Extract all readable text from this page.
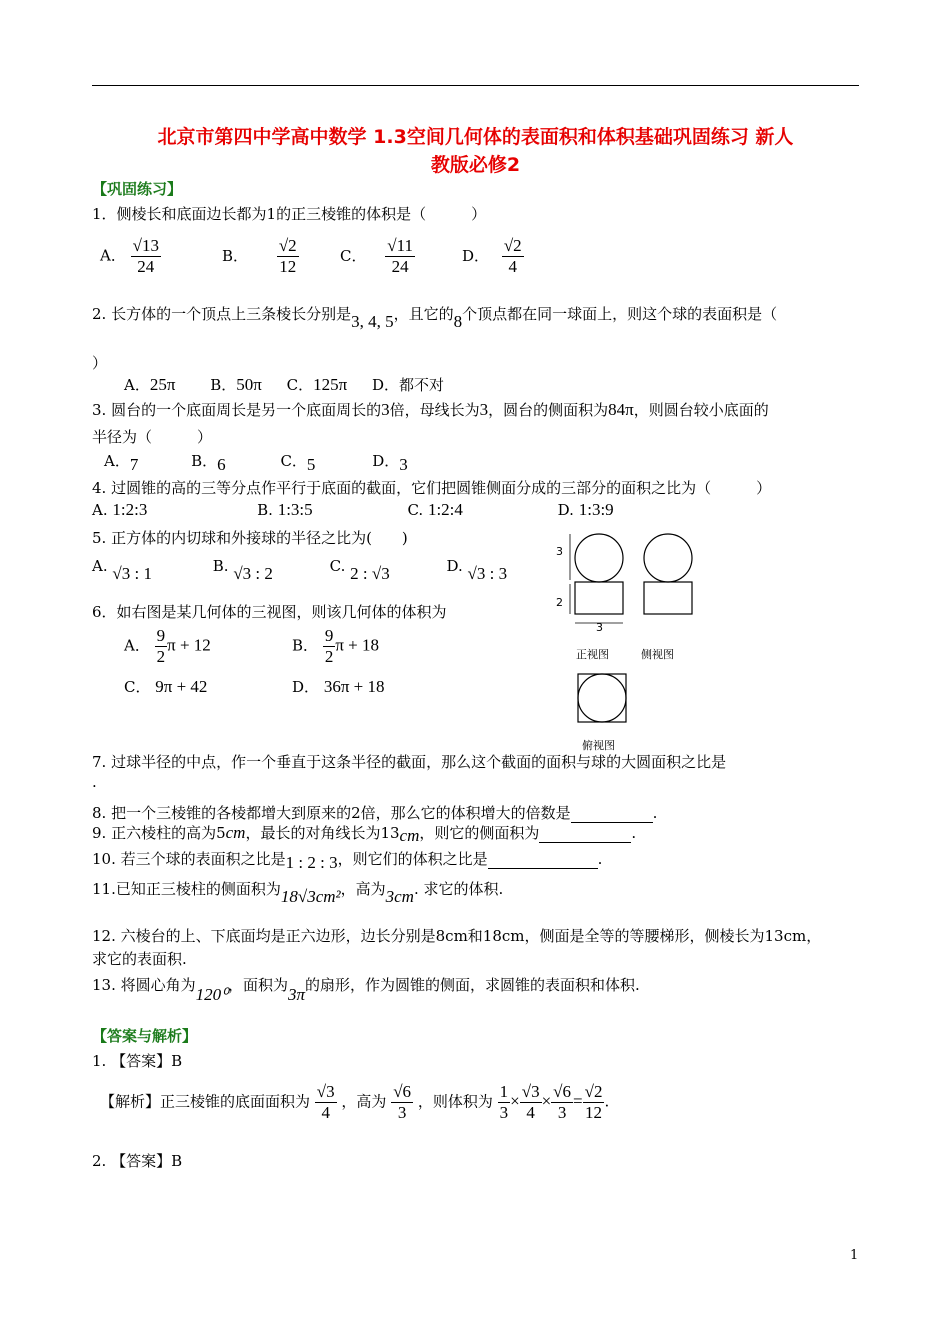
北京市第四中学高中数学 1.3空间几何体的表面积和体积基础巩固练习 新人
教版必修2
【巩固练习】
1．侧棱长和底面边长都为1的正三棱锥的体积是（　　　）
A． $\frac{√13}{24}$	B． $\frac{√2}{12}$	C． $\frac{√11}{24}$	D． $\frac{√2}{4}$
2. 长方体的一个顶点上三条棱长分别是3, 4, 5，且它的8个顶点都在同一球面上，则这个球的表面积是（
）
A．25π B．50π C．125π D．都不对
3. 圆台的一个底面周长是另一个底面周长的3倍，母线长为3，圆台的侧面积为84π，则圆台较小底面的
半径为（　　　）
A．7	B．6	C．5	D．3
4. 过圆锥的高的三等分点作平行于底面的截面，它们把圆锥侧面分成的三部分的面积之比为（　　　）
A. 1:2:3	B. 1:3:5	C. 1:2:4	D. 1:3:9
5. 正方体的内切球和外接球的半径之比为(　　)
A. √3 : 1	B. √3 : 2	C. 2 : √3	D. √3 : 3
6．如右图是某几何体的三视图，则该几何体的体积为
A． $\frac{9}{2}$ π + 12	B． $\frac{9}{2}$ π + 18
C． 9π + 42	D． 36π + 18
3
2
3
正视图	侧视图
俯视图
7. 过球半径的中点，作一个垂直于这条半径的截面，那么这个截面的面积与球的大圆面积之比是
.
8. 把一个三棱锥的各棱都增大到原来的2倍，那么它的体积增大的倍数是	.
9. 正六棱柱的高为5cm，最长的对角线长为13cm，则它的侧面积为	.
10. 若三个球的表面积之比是1 : 2 : 3，则它们的体积之比是	.
11.已知正三棱柱的侧面积为18√3cm²，高为3cm. 求它的体积.
12. 六棱台的上、下底面均是正六边形，边长分别是8cm和18cm，侧面是全等的等腰梯形，侧棱长为13cm，
求它的表面积.
13. 将圆心角为120⁰，面积为3π的扇形，作为圆锥的侧面，求圆锥的表面积和体积.
【答案与解析】
1. 【答案】B
【解析】正三棱锥的底面面积为 $\frac{√3}{4}$ ，高为 $\frac{√6}{3}$ ，则体积为 $\frac{1}{3} \times \frac{√3}{4} \times \frac{√6}{3} = \frac{√2}{12}$ .
2. 【答案】B
1
